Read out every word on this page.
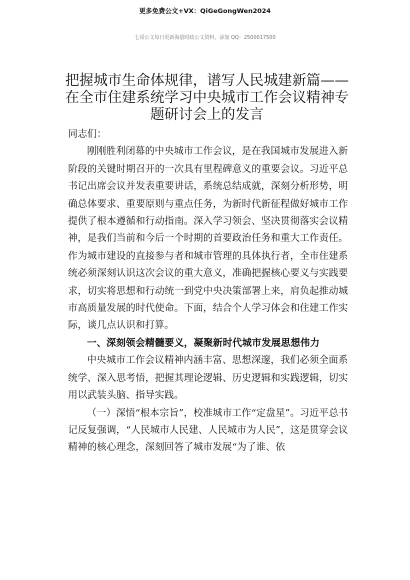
更多免费公文+VX：QiGeGongWen2024
七哥公文每日更新海量时政公文资料，添加 QQ：2500017500
把握城市生命体规律，谱写人民城建新篇——
在全市住建系统学习中央城市工作会议精神专
题研讨会上的发言

同志们：

刚刚胜利闭幕的中央城市工作会议，是在我国城市发展进入新阶段的关键时期召开的一次具有里程碑意义的重要会议。习近平总书记出席会议并发表重要讲话，系统总结成就，深刻分析形势，明确总体要求、重要原则与重点任务，为新时代新征程做好城市工作提供了根本遵循和行动指南。深入学习领会、坚决贯彻落实会议精神，是我们当前和今后一个时期的首要政治任务和重大工作责任。作为城市建设的直接参与者和城市管理的具体执行者，全市住建系统必须深刻认识这次会议的重大意义，准确把握核心要义与实践要求，切实将思想和行动统一到党中央决策部署上来，肩负起推动城市高质量发展的时代使命。下面，结合个人学习体会和住建工作实际，谈几点认识和打算。

一、深刻领会精髓要义，凝聚新时代城市发展思想伟力

中央城市工作会议精神内涵丰富、思想深邃，我们必须全面系统学、深入思考悟，把握其理论逻辑、历史逻辑和实践逻辑，切实用以武装头脑、指导实践。

（一）深悟“根本宗旨”，校准城市工作“定盘星”。习近平总书记反复强调，“人民城市人民建、人民城市为人民”，这是贯穿会议精神的核心理念，深刻回答了城市发展“为了谁、依
